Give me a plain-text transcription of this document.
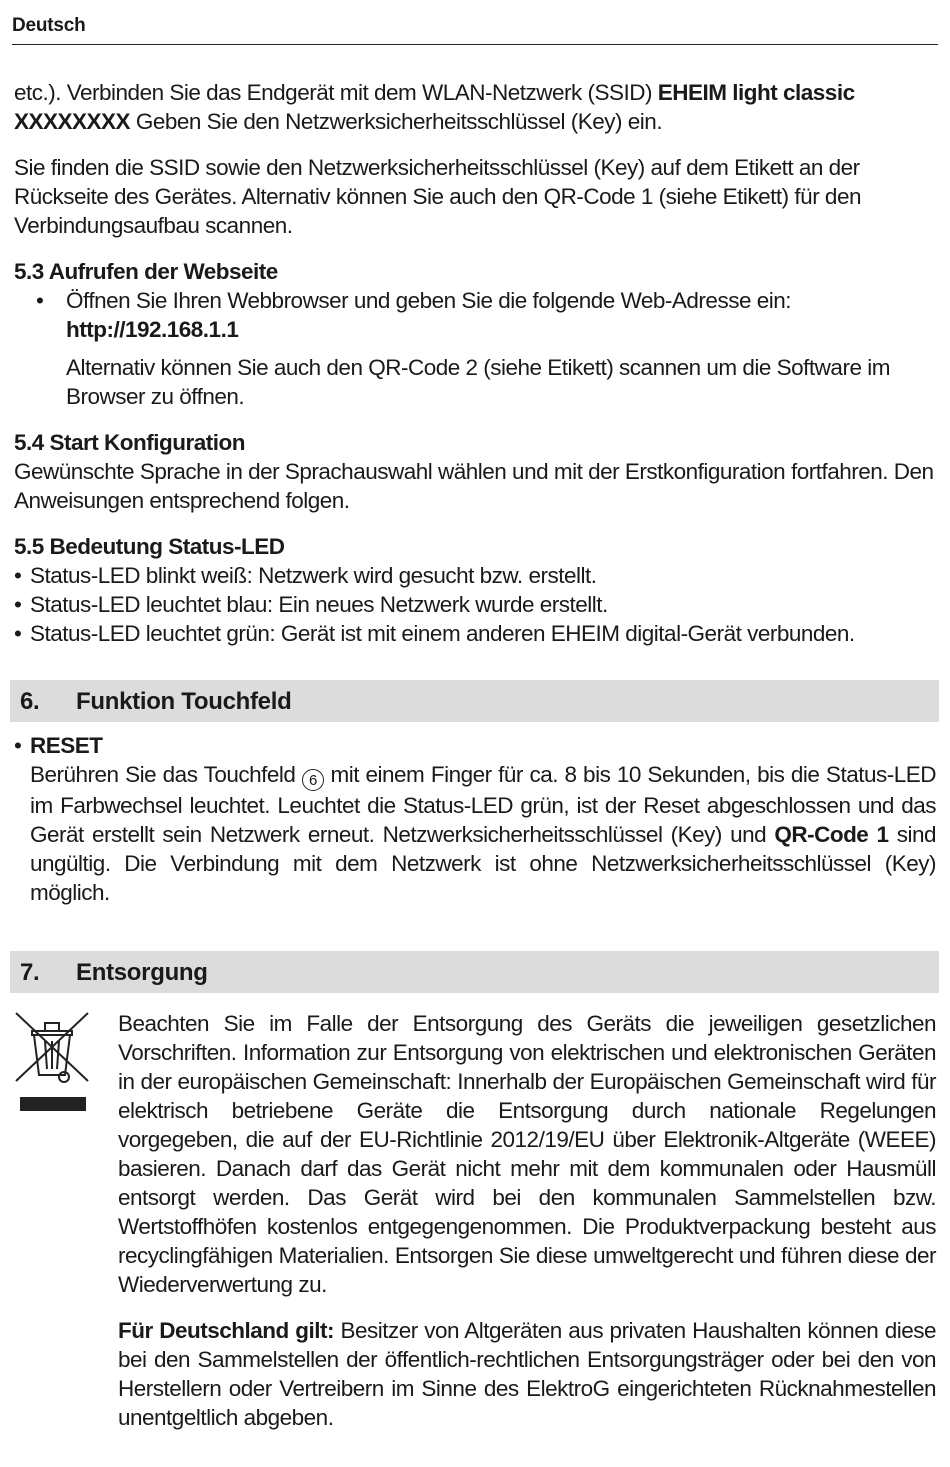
Deutsch

etc.). Verbinden Sie das Endgerät mit dem WLAN-Netzwerk (SSID) EHEIM light classic XXXXXXXX Geben Sie den Netzwerksicherheitsschlüssel (Key) ein.

Sie finden die SSID sowie den Netzwerksicherheitsschlüssel (Key) auf dem Etikett an der Rückseite des Gerätes. Alternativ können Sie auch den QR-Code 1 (siehe Etikett) für den Verbindungsaufbau scannen.

5.3 Aufrufen der Webseite

•	Öffnen Sie Ihren Webbrowser und geben Sie die folgende Web-Adresse ein:
http://192.168.1.1

Alternativ können Sie auch den QR-Code 2 (siehe Etikett) scannen um die Software im Browser zu öffnen.

5.4 Start Konfiguration

Gewünschte Sprache in der Sprachauswahl wählen und mit der Erstkonfiguration fortfahren. Den Anweisungen entsprechend folgen.

5.5 Bedeutung Status-LED

• Status-LED blinkt weiß: Netzwerk wird gesucht bzw. erstellt.
• Status-LED leuchtet blau: Ein neues Netzwerk wurde erstellt.
• Status-LED leuchtet grün: Gerät ist mit einem anderen EHEIM digital-Gerät verbunden.
6.	Funktion Touchfeld
• RESET

Berühren Sie das Touchfeld 6 mit einem Finger für ca. 8 bis 10 Sekunden, bis die Status-LED im Farbwechsel leuchtet. Leuchtet die Status-LED grün, ist der Reset abgeschlossen und das Gerät erstellt sein Netzwerk erneut. Netzwerksicherheitsschlüssel (Key) und QR-Code 1 sind ungültig. Die Verbindung mit dem Netzwerk ist ohne Netzwerksicherheitsschlüssel (Key) möglich.

7.	Entsorgung

Beachten Sie im Falle der Entsorgung des Geräts die jeweiligen gesetzlichen Vorschriften. Information zur Entsorgung von elektrischen und elektronischen Geräten in der europäischen Gemeinschaft: Innerhalb der Europäischen Gemeinschaft wird für elektrisch betriebene Geräte die Entsorgung durch nationale Regelungen vorgegeben, die auf der EU-Richtlinie 2012/19/EU über Elektronik-Altgeräte (WEEE) basieren. Danach darf das Gerät nicht mehr mit dem kommunalen oder Hausmüll entsorgt werden. Das Gerät wird bei den kommunalen Sammelstellen bzw. Wertstoffhöfen kostenlos entgegengenommen. Die Produktverpackung besteht aus recyclingfähigen Materialien. Entsorgen Sie diese umweltgerecht und führen diese der Wiederverwertung zu.

Für Deutschland gilt: Besitzer von Altgeräten aus privaten Haushalten können diese bei den Sammelstellen der öffentlich-rechtlichen Entsorgungsträger oder bei den von Herstellern oder Vertreibern im Sinne des ElektroG eingerichteten Rücknahmestellen unentgeltlich abgeben.
